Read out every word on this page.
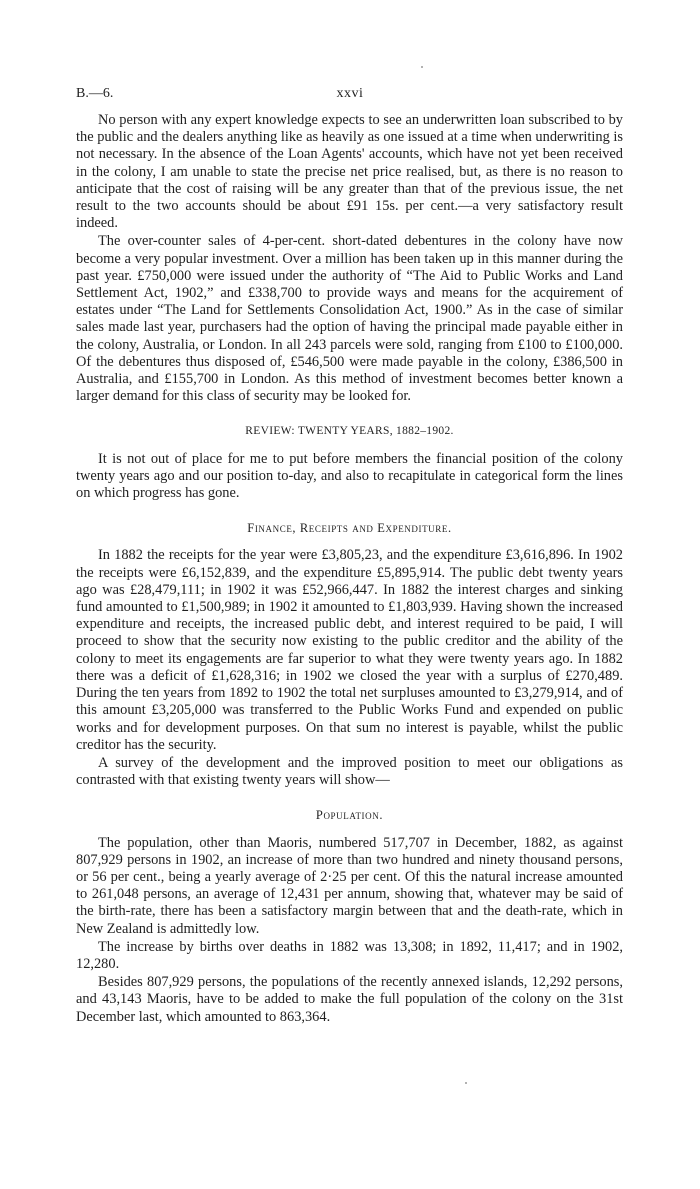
B.—6.	xxvi

No person with any expert knowledge expects to see an underwritten loan subscribed to by the public and the dealers anything like as heavily as one issued at a time when underwriting is not necessary. In the absence of the Loan Agents' accounts, which have not yet been received in the colony, I am unable to state the precise net price realised, but, as there is no reason to anticipate that the cost of raising will be any greater than that of the previous issue, the net result to the two accounts should be about £91 15s. per cent.—a very satisfactory result indeed.

The over-counter sales of 4-per-cent. short-dated debentures in the colony have now become a very popular investment. Over a million has been taken up in this manner during the past year. £750,000 were issued under the authority of “The Aid to Public Works and Land Settlement Act, 1902,” and £338,700 to provide ways and means for the acquirement of estates under “The Land for Settlements Consolidation Act, 1900.” As in the case of similar sales made last year, purchasers had the option of having the principal made payable either in the colony, Australia, or London. In all 243 parcels were sold, ranging from £100 to £100,000. Of the debentures thus disposed of, £546,500 were made payable in the colony, £386,500 in Australia, and £155,700 in London. As this method of investment becomes better known a larger demand for this class of security may be looked for.

REVIEW: TWENTY YEARS, 1882–1902.

It is not out of place for me to put before members the financial position of the colony twenty years ago and our position to-day, and also to recapitulate in categorical form the lines on which progress has gone.

Finance, Receipts and Expenditure.

In 1882 the receipts for the year were £3,805,23, and the expenditure £3,616,896. In 1902 the receipts were £6,152,839, and the expenditure £5,895,914. The public debt twenty years ago was £28,479,111; in 1902 it was £52,966,447. In 1882 the interest charges and sinking fund amounted to £1,500,989; in 1902 it amounted to £1,803,939. Having shown the increased expenditure and receipts, the increased public debt, and interest required to be paid, I will proceed to show that the security now existing to the public creditor and the ability of the colony to meet its engagements are far superior to what they were twenty years ago. In 1882 there was a deficit of £1,628,316; in 1902 we closed the year with a surplus of £270,489. During the ten years from 1892 to 1902 the total net surpluses amounted to £3,279,914, and of this amount £3,205,000 was transferred to the Public Works Fund and expended on public works and for development purposes. On that sum no interest is payable, whilst the public creditor has the security.

A survey of the development and the improved position to meet our obligations as contrasted with that existing twenty years will show—

Population.

The population, other than Maoris, numbered 517,707 in December, 1882, as against 807,929 persons in 1902, an increase of more than two hundred and ninety thousand persons, or 56 per cent., being a yearly average of 2·25 per cent. Of this the natural increase amounted to 261,048 persons, an average of 12,431 per annum, showing that, whatever may be said of the birth-rate, there has been a satisfactory margin between that and the death-rate, which in New Zealand is admittedly low.

The increase by births over deaths in 1882 was 13,308; in 1892, 11,417; and in 1902, 12,280.

Besides 807,929 persons, the populations of the recently annexed islands, 12,292 persons, and 43,143 Maoris, have to be added to make the full population of the colony on the 31st December last, which amounted to 863,364.
